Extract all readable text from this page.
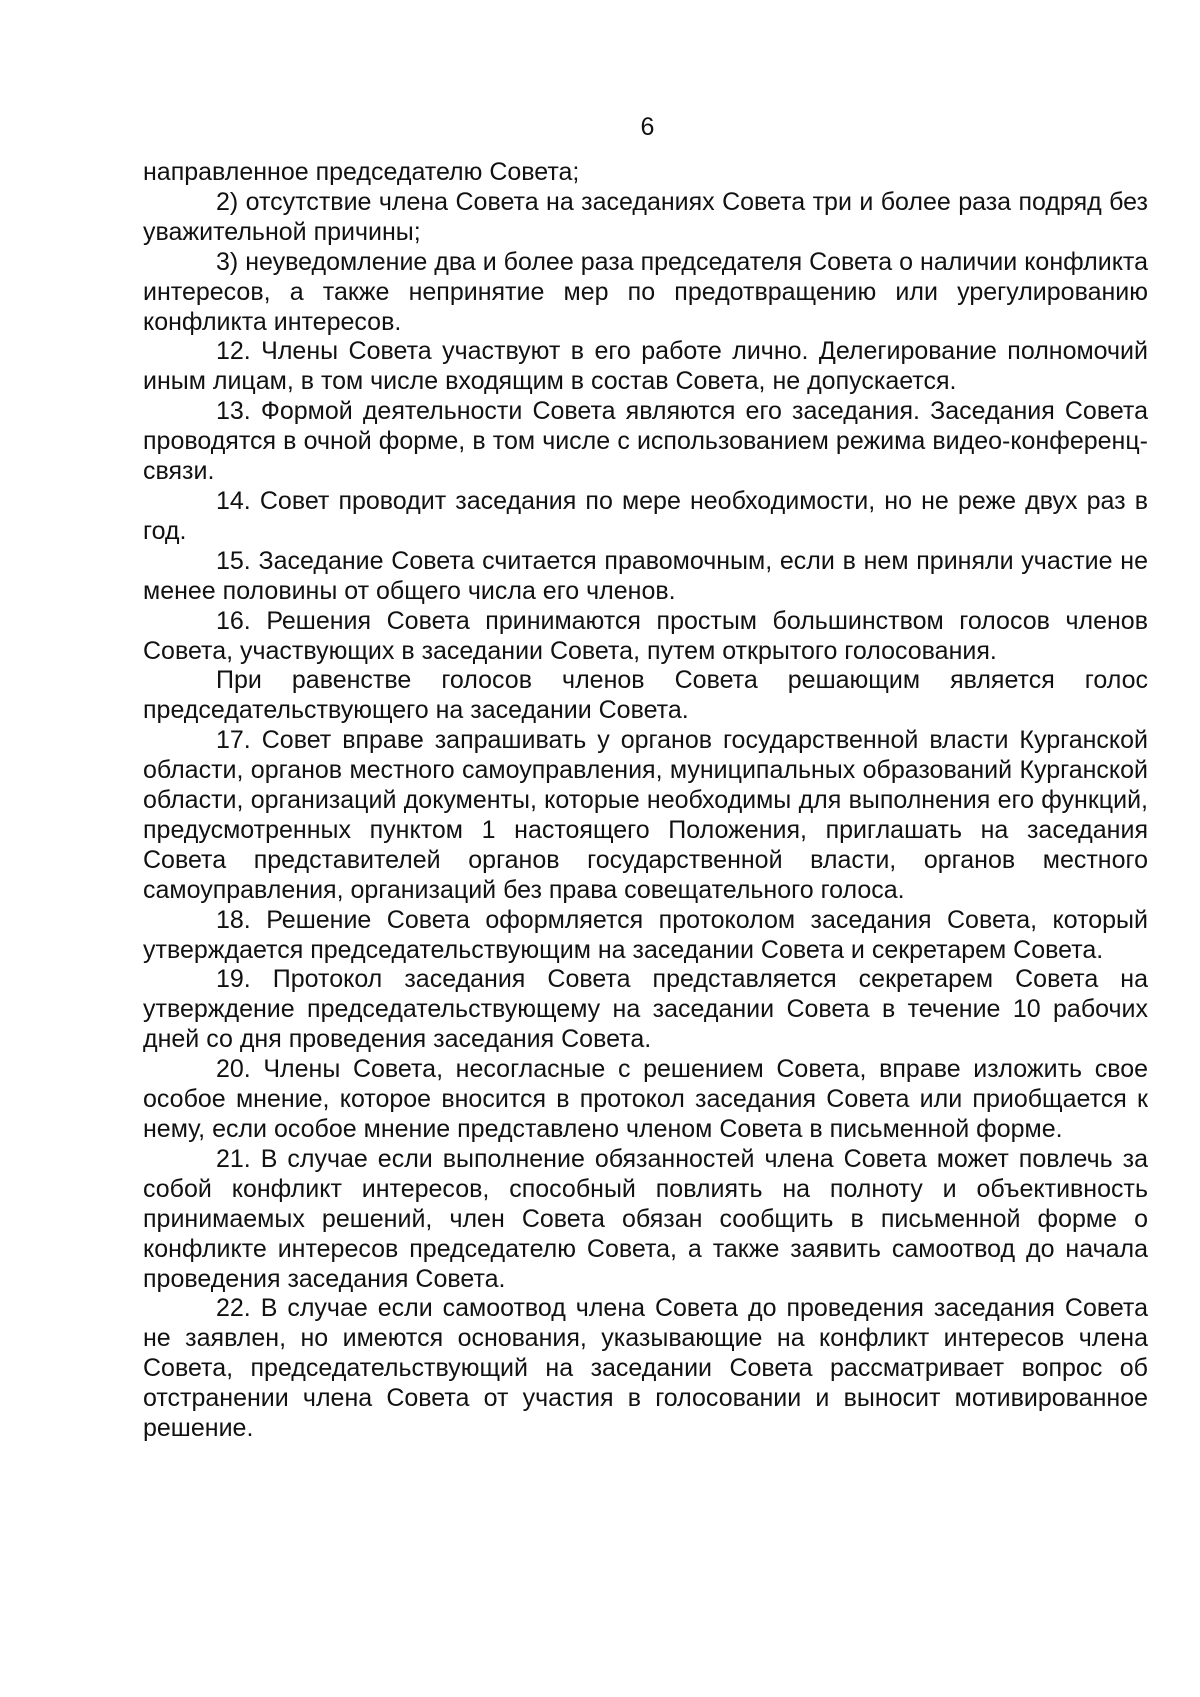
6

направленное председателю Совета;

2) отсутствие члена Совета на заседаниях Совета три и более раза подряд без уважительной причины;

3) неуведомление два и более раза председателя Совета о наличии конфликта интересов, а также непринятие мер по предотвращению или урегулированию конфликта интересов.

12. Члены Совета участвуют в его работе лично. Делегирование полномочий иным лицам, в том числе входящим в состав Совета, не допускается.

13. Формой деятельности Совета являются его заседания. Заседания Совета проводятся в очной форме, в том числе с использованием режима видео-конференц-связи.

14. Совет проводит заседания по мере необходимости, но не реже двух раз в год.

15. Заседание Совета считается правомочным, если в нем приняли участие не менее половины от общего числа его членов.

16. Решения Совета принимаются простым большинством голосов членов Совета, участвующих в заседании Совета, путем открытого голосования.

При равенстве голосов членов Совета решающим является голос председательствующего на заседании Совета.

17. Совет вправе запрашивать у органов государственной власти Курганской области, органов местного самоуправления, муниципальных образований Курганской области, организаций документы, которые необходимы для выполнения его функций, предусмотренных пунктом 1 настоящего Положения, приглашать на заседания Совета представителей органов государственной власти, органов местного самоуправления, организаций без права совещательного голоса.

18. Решение Совета оформляется протоколом заседания Совета, который утверждается председательствующим на заседании Совета и секретарем Совета.

19. Протокол заседания Совета представляется секретарем Совета на утверждение председательствующему на заседании Совета в течение 10 рабочих дней со дня проведения заседания Совета.

20. Члены Совета, несогласные с решением Совета, вправе изложить свое особое мнение, которое вносится в протокол заседания Совета или приобщается к нему, если особое мнение представлено членом Совета в письменной форме.

21. В случае если выполнение обязанностей члена Совета может повлечь за собой конфликт интересов, способный повлиять на полноту и объективность принимаемых решений, член Совета обязан сообщить в письменной форме о конфликте интересов председателю Совета, а также заявить самоотвод до начала проведения заседания Совета.

22. В случае если самоотвод члена Совета до проведения заседания Совета не заявлен, но имеются основания, указывающие на конфликт интересов члена Совета, председательствующий на заседании Совета рассматривает вопрос об отстранении члена Совета от участия в голосовании и выносит мотивированное решение.
